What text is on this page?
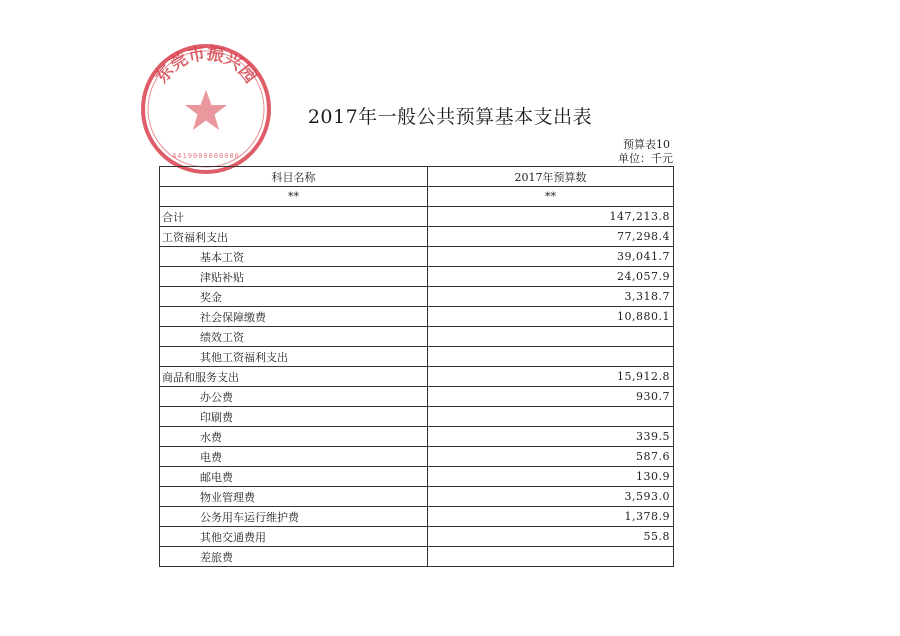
东莞市振兴园
4419000000000
2017年一般公共预算基本支出表
预算表10
单位：千元
科目名称	2017年预算数
**	**
合计	147,213.8
工资福利支出	77,298.4
基本工资	39,041.7
津贴补贴	24,057.9
奖金	3,318.7
社会保障缴费	10,880.1
绩效工资	
其他工资福利支出	
商品和服务支出	15,912.8
办公费	930.7
印刷费	
水费	339.5
电费	587.6
邮电费	130.9
物业管理费	3,593.0
公务用车运行维护费	1,378.9
其他交通费用	55.8
差旅费	
